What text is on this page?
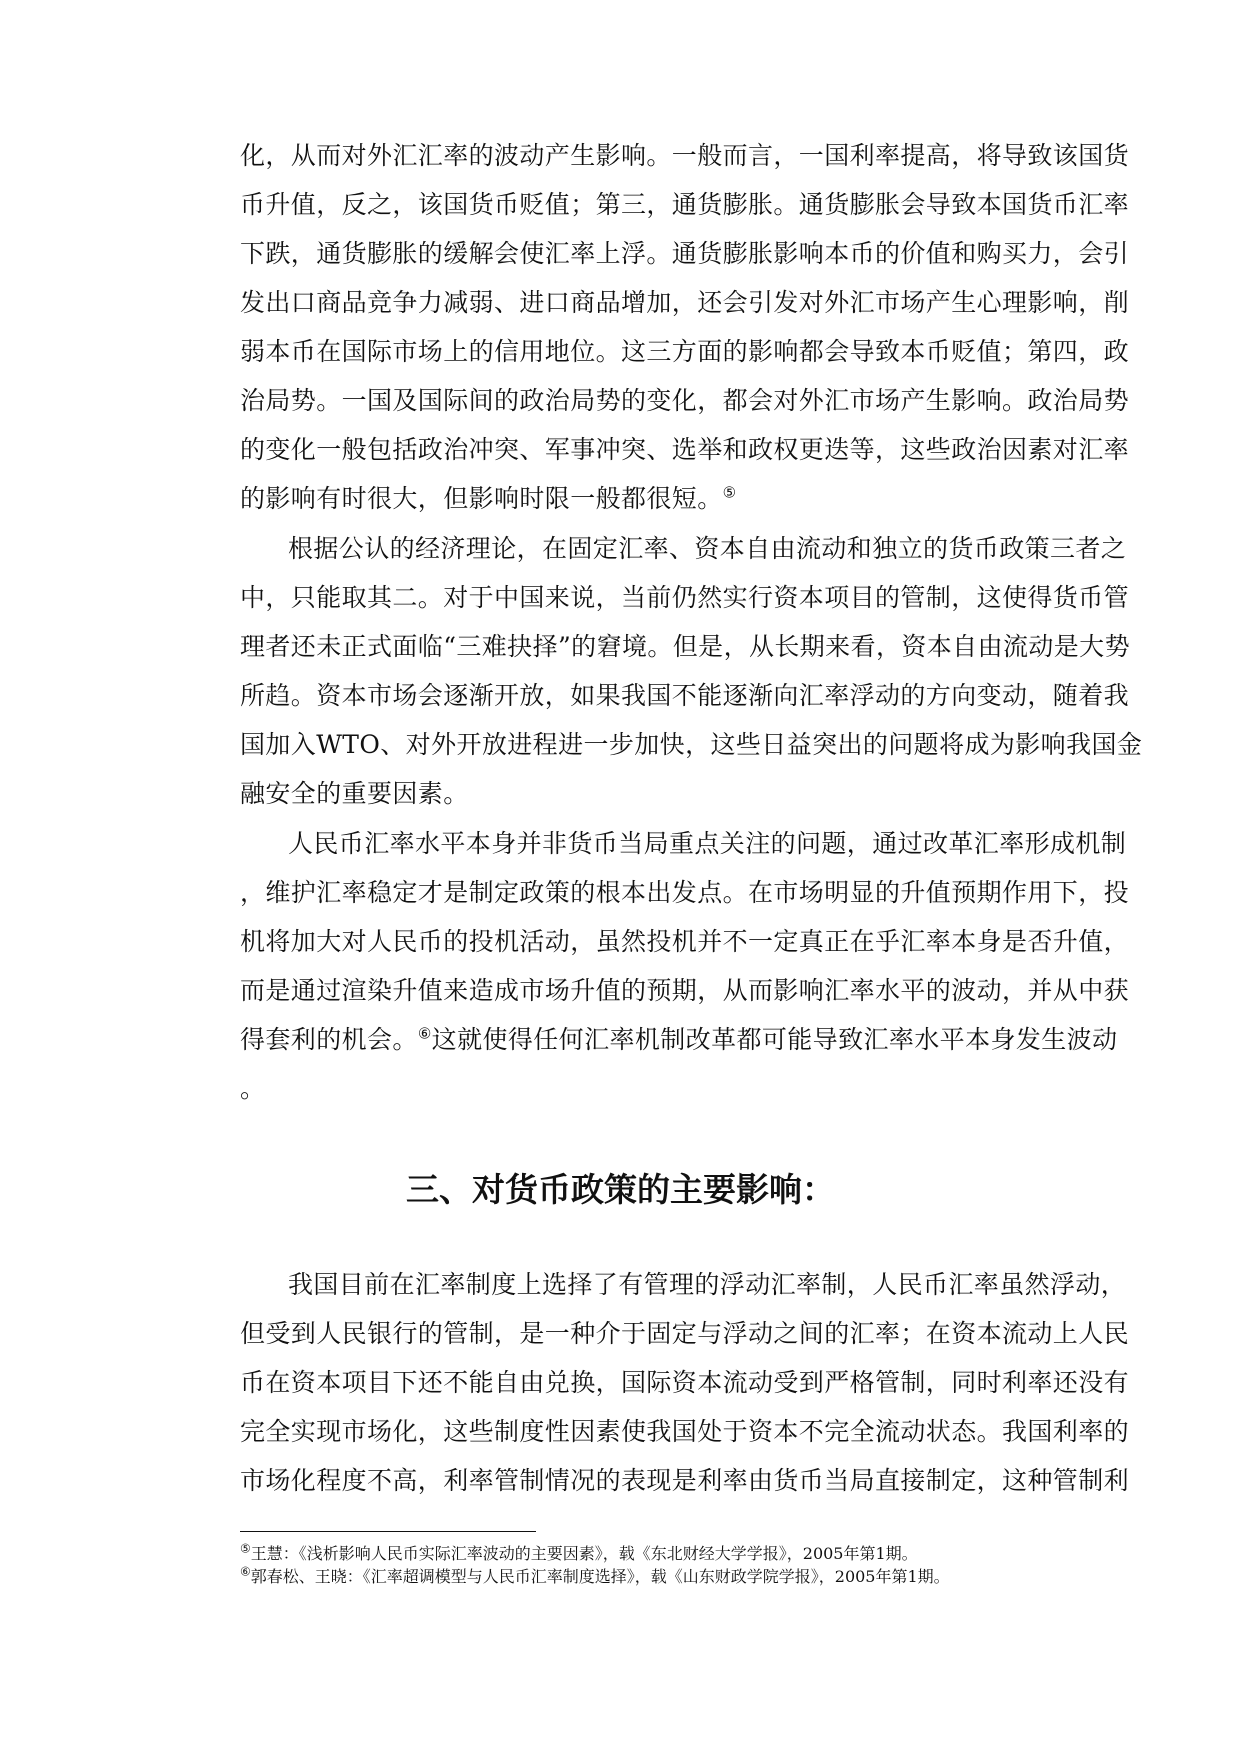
化，从而对外汇汇率的波动产生影响。一般而言，一国利率提高，将导致该国货
币升值，反之，该国货币贬值；第三，通货膨胀。通货膨胀会导致本国货币汇率
下跌，通货膨胀的缓解会使汇率上浮。通货膨胀影响本币的价值和购买力，会引
发出口商品竞争力减弱、进口商品增加，还会引发对外汇市场产生心理影响，削
弱本币在国际市场上的信用地位。这三方面的影响都会导致本币贬值；第四，政
治局势。一国及国际间的政治局势的变化，都会对外汇市场产生影响。政治局势
的变化一般包括政治冲突、军事冲突、选举和政权更迭等，这些政治因素对汇率
的影响有时很大，但影响时限一般都很短。⑤
根据公认的经济理论，在固定汇率、资本自由流动和独立的货币政策三者之
中，只能取其二。对于中国来说，当前仍然实行资本项目的管制，这使得货币管
理者还未正式面临“三难抉择”的窘境。但是，从长期来看，资本自由流动是大势
所趋。资本市场会逐渐开放，如果我国不能逐渐向汇率浮动的方向变动，随着我
国加入WTO、对外开放进程进一步加快，这些日益突出的问题将成为影响我国金
融安全的重要因素。
人民币汇率水平本身并非货币当局重点关注的问题，通过改革汇率形成机制
，维护汇率稳定才是制定政策的根本出发点。在市场明显的升值预期作用下，投
机将加大对人民币的投机活动，虽然投机并不一定真正在乎汇率本身是否升值，
而是通过渲染升值来造成市场升值的预期，从而影响汇率水平的波动，并从中获
得套利的机会。⑥这就使得任何汇率机制改革都可能导致汇率水平本身发生波动
。
三、对货币政策的主要影响：
我国目前在汇率制度上选择了有管理的浮动汇率制，人民币汇率虽然浮动，
但受到人民银行的管制，是一种介于固定与浮动之间的汇率；在资本流动上人民
币在资本项目下还不能自由兑换，国际资本流动受到严格管制，同时利率还没有
完全实现市场化，这些制度性因素使我国处于资本不完全流动状态。我国利率的
市场化程度不高，利率管制情况的表现是利率由货币当局直接制定，这种管制利
⑤王慧：《浅析影响人民币实际汇率波动的主要因素》，载《东北财经大学学报》，2005年第1期。
⑥郭春松、王晓：《汇率超调模型与人民币汇率制度选择》，载《山东财政学院学报》，2005年第1期。
